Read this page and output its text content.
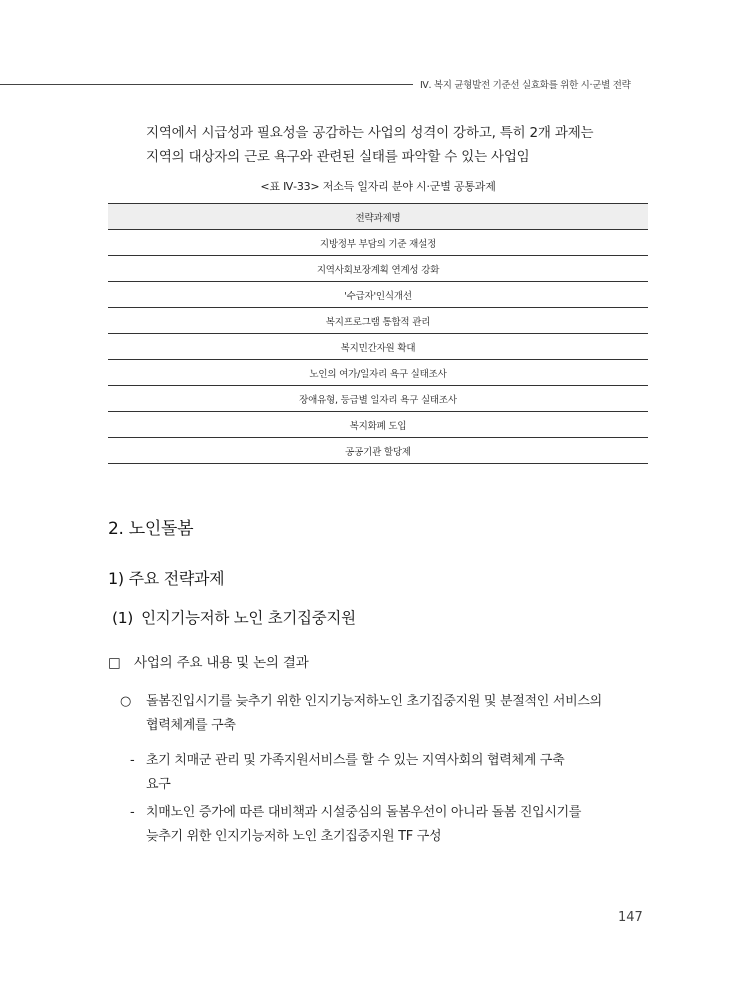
Ⅳ. 복지 균형발전 기준선 실효화를 위한 시·군별 전략

지역에서 시급성과 필요성을 공감하는 사업의 성격이 강하고, 특히 2개 과제는

지역의 대상자의 근로 욕구와 관련된 실태를 파악할 수 있는 사업임

<표 Ⅳ-33> 저소득 일자리 분야 시·군별 공통과제
전략과제명
지방정부 부담의 기준 재설정
지역사회보장계획 연계성 강화
'수급자'인식개선
복지프로그램 통합적 관리
복지민간자원 확대
노인의 여가/일자리 욕구 실태조사
장애유형, 등급별 일자리 욕구 실태조사
복지화폐 도입
공공기관 할당제
2. 노인돌봄
1) 주요 전략과제
(1) 인지기능저하 노인 초기집중지원
□ 사업의 주요 내용 및 논의 결과
○ 돌봄진입시기를 늦추기 위한 인지기능저하노인 초기집중지원 및 분절적인 서비스의
협력체계를 구축
- 초기 치매군 관리 및 가족지원서비스를 할 수 있는 지역사회의 협력체계 구축
요구
- 치매노인 증가에 따른 대비책과 시설중심의 돌봄우선이 아니라 돌봄 진입시기를
늦추기 위한 인지기능저하 노인 초기집중지원 TF 구성
147
